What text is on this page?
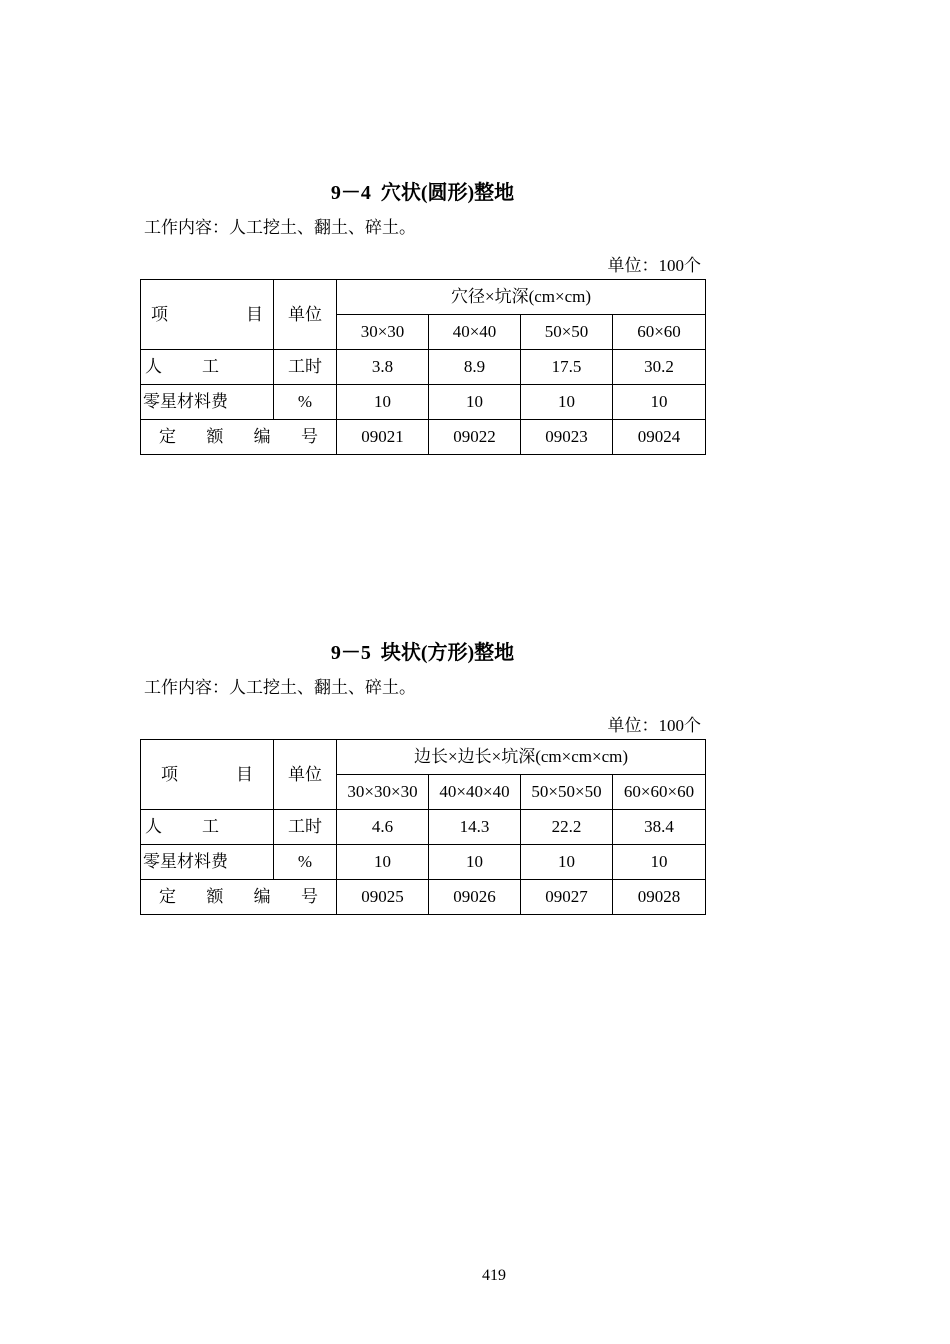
9－4 穴状(圆形)整地
工作内容：人工挖土、翻土、碎土。
单位：100个
项 目	单位	穴径×坑深(cm×cm)			
		30×30	40×40	50×50	60×60
人 工	工时	3.8	8.9	17.5	30.2
零星材料费	%	10	10	10	10

定 额 编 号		09021	09022	09023	09024
9－5 块状(方形)整地
工作内容：人工挖土、翻土、碎土。
单位：100个
项 目	单位	边长×边长×坑深(cm×cm×cm)			
		30×30×30	40×40×40	50×50×50	60×60×60
人 工	工时	4.6	14.3	22.2	38.4
零星材料费	%	10	10	10	10

定 额 编 号		09025	09026	09027	09028
419
